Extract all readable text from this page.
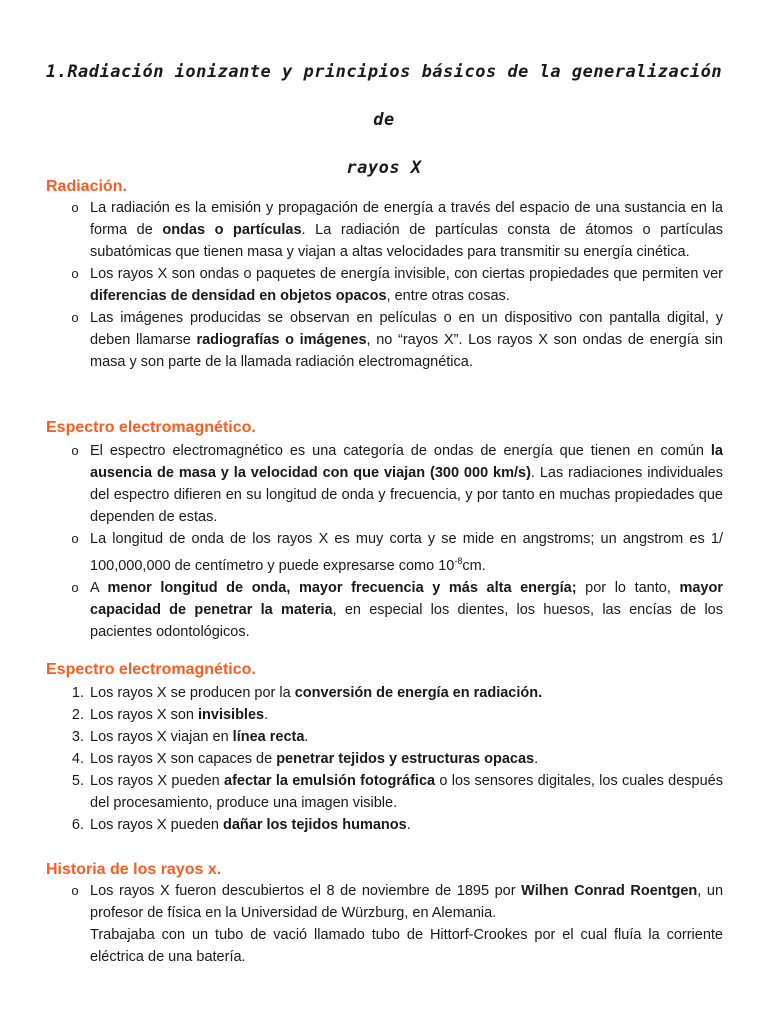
1.Radiación ionizante y principios básicos de la generalización de
rayos X
Radiación.
o La radiación es la emisión y propagación de energía a través del espacio de una sustancia en la forma de ondas o partículas. La radiación de partículas consta de átomos o partículas subatómicas que tienen masa y viajan a altas velocidades para transmitir su energía cinética.
o Los rayos X son ondas o paquetes de energía invisible, con ciertas propiedades que permiten ver diferencias de densidad en objetos opacos, entre otras cosas.
o Las imágenes producidas se observan en películas o en un dispositivo con pantalla digital, y deben llamarse radiografías o imágenes, no “rayos X”. Los rayos X son ondas de energía sin masa y son parte de la llamada radiación electromagnética.
Espectro electromagnético.
o El espectro electromagnético es una categoría de ondas de energía que tienen en común la ausencia de masa y la velocidad con que viajan (300 000 km/s). Las radiaciones individuales del espectro difieren en su longitud de onda y frecuencia, y por tanto en muchas propiedades que dependen de estas.
o La longitud de onda de los rayos X es muy corta y se mide en angstroms; un angstrom es 1/ 100,000,000 de centímetro y puede expresarse como $10^{-8}cm$.
o A menor longitud de onda, mayor frecuencia y más alta energía; por lo tanto, mayor capacidad de penetrar la materia, en especial los dientes, los huesos, las encías de los pacientes odontológicos.
Espectro electromagnético.
1. Los rayos X se producen por la conversión de energía en radiación.
2. Los rayos X son invisibles.
3. Los rayos X viajan en línea recta.
4. Los rayos X son capaces de penetrar tejidos y estructuras opacas.
5. Los rayos X pueden afectar la emulsión fotográfica o los sensores digitales, los cuales después del procesamiento, produce una imagen visible.
6. Los rayos X pueden dañar los tejidos humanos.
Historia de los rayos x.
o Los rayos X fueron descubiertos el 8 de noviembre de 1895 por Wilhen Conrad Roentgen, un profesor de física en la Universidad de Würzburg, en Alemania.
Trabajaba con un tubo de vació llamado tubo de Hittorf-Crookes por el cual fluía la corriente eléctrica de una batería.
